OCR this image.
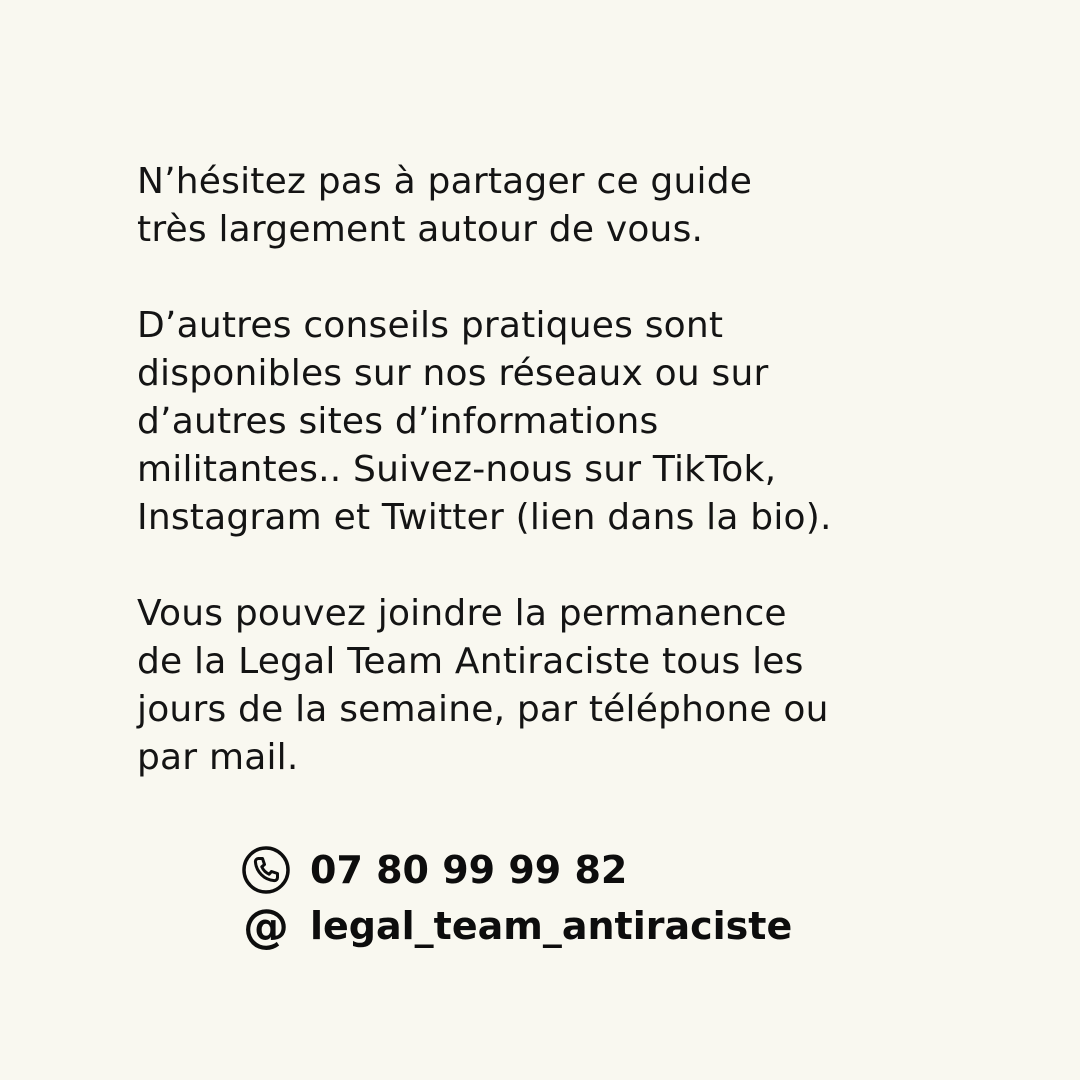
N’hésitez pas à partager ce guide
très largement autour de vous.

D’autres conseils pratiques sont
disponibles sur nos réseaux ou sur
d’autres sites d’informations
militantes.. Suivez-nous sur TikTok,
Instagram et Twitter (lien dans la bio).

Vous pouvez joindre la permanence
de la Legal Team Antiraciste tous les
jours de la semaine, par téléphone ou
par mail.

07 80 99 99 82
@ legal_team_antiraciste
